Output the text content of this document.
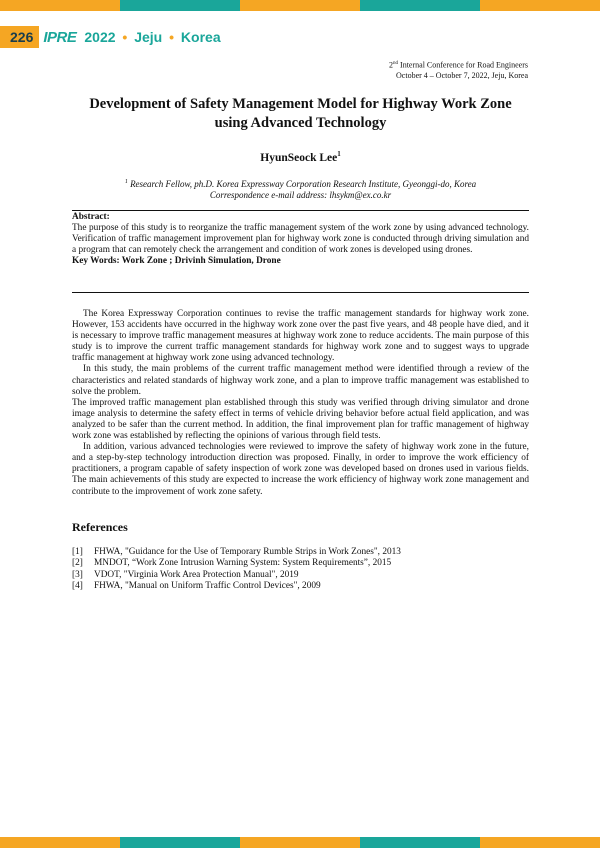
226 IPRE 2022 • Jeju • Korea
2nd Internal Conference for Road Engineers
October 4 – October 7, 2022, Jeju, Korea
Development of Safety Management Model for Highway Work Zone using Advanced Technology
HyunSeock Lee$^1$
$^1$ Research Fellow, ph.D. Korea Expressway Corporation Research Institute, Gyeonggi-do, Korea
Correspondence e-mail address: lhsykm@ex.co.kr
Abstract:
The purpose of this study is to reorganize the traffic management system of the work zone by using advanced technology. Verification of traffic management improvement plan for highway work zone is conducted through driving simulation and a program that can remotely check the arrangement and condition of work zones is developed using drones.
Key Words: Work Zone ; Drivinh Simulation, Drone

The Korea Expressway Corporation continues to revise the traffic management standards for highway work zone. However, 153 accidents have occurred in the highway work zone over the past five years, and 48 people have died, and it is necessary to improve traffic management measures at highway work zone to reduce accidents. The main purpose of this study is to improve the current traffic management standards for highway work zone and to suggest ways to upgrade traffic management at highway work zone using advanced technology.

In this study, the main problems of the current traffic management method were identified through a review of the characteristics and related standards of highway work zone, and a plan to improve traffic management was established to solve the problem.

The improved traffic management plan established through this study was verified through driving simulator and drone image analysis to determine the safety effect in terms of vehicle driving behavior before actual field application, and was analyzed to be safer than the current method. In addition, the final improvement plan for traffic management of highway work zone was established by reflecting the opinions of various through field tests.

In addition, various advanced technologies were reviewed to improve the safety of highway work zone in the future, and a step-by-step technology introduction direction was proposed. Finally, in order to improve the work efficiency of practitioners, a program capable of safety inspection of work zone was developed based on drones used in various fields. The main achievements of this study are expected to increase the work efficiency of highway work zone management and contribute to the improvement of work zone safety.

References
[1]	FHWA, "Guidance for the Use of Temporary Rumble Strips in Work Zones", 2013
[2]	MNDOT, “Work Zone Intrusion Warning System: System Requirements”, 2015
[3]	VDOT, "Virginia Work Area Protection Manual", 2019
[4]	FHWA, "Manual on Uniform Traffic Control Devices", 2009
